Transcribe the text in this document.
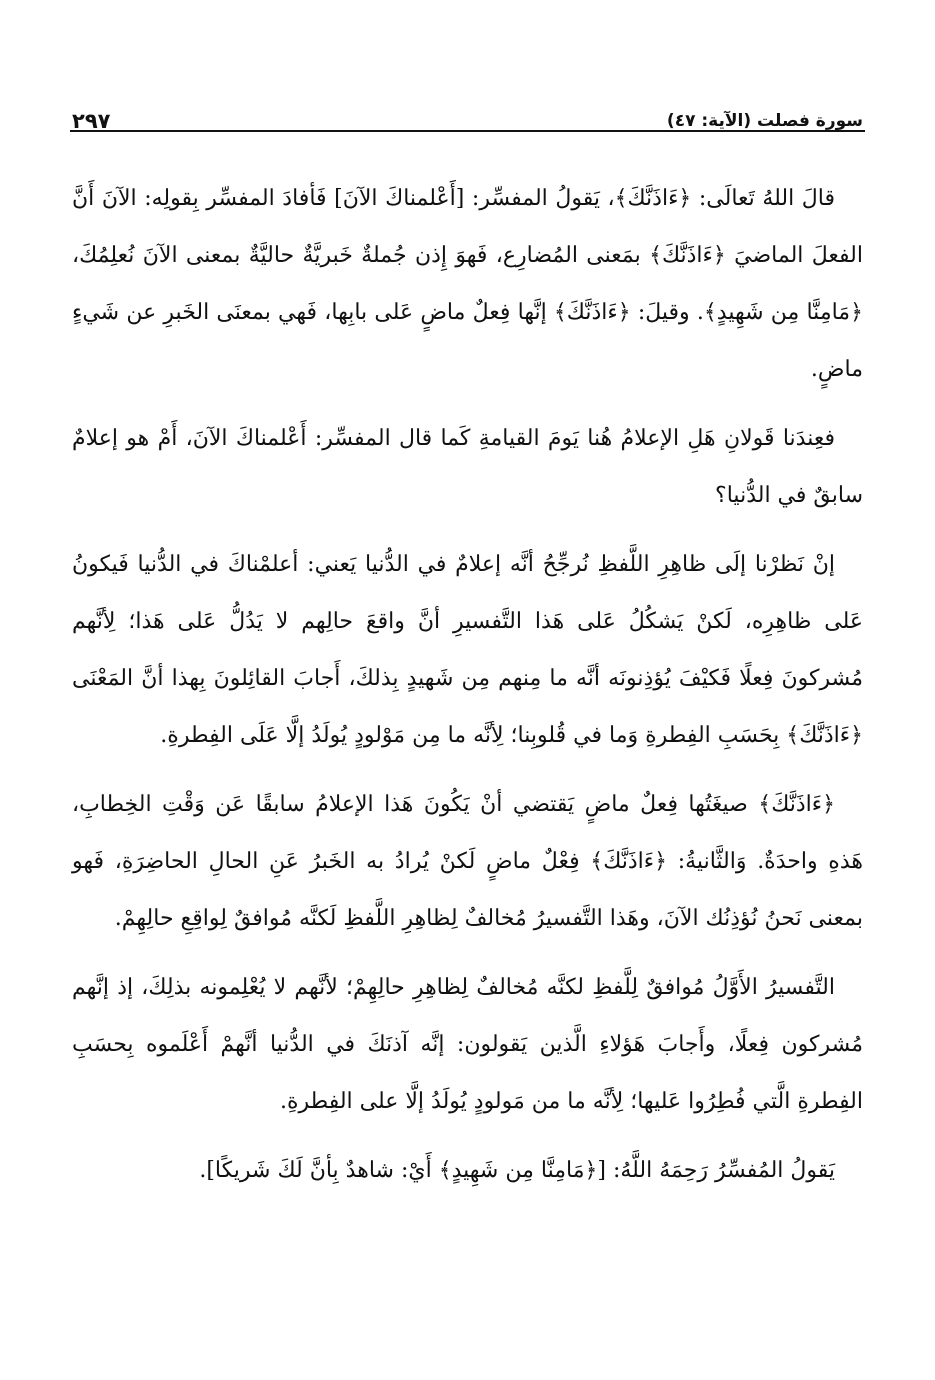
سورة فصلت (الآية: ٤٧)
٢٩٧

قالَ اللهُ تَعالَى: ﴿ءَاذَنَّكَ﴾، يَقولُ المفسِّر: [أَعْلمناكَ الآنَ] فَأفادَ المفسِّر بِقولِه: الآنَ أَنَّ الفعلَ الماضيَ ﴿ءَاذَنَّكَ﴾ بمَعنى المُضارِع، فَهوَ إِذن جُملةٌ خَبريَّةٌ حاليَّةٌ بمعنى الآنَ نُعلِمُكَ، ﴿مَامِنَّا مِن شَهِيدٍ﴾. وقيلَ: ﴿ءَاذَنَّكَ﴾ إنَّها فِعلٌ ماضٍ عَلى بابِها، فَهي بمعنَى الخَبرِ عن شَيءٍ ماضٍ.

فعِندَنا قَولانِ هَلِ الإعلامُ هُنا يَومَ القيامةِ كَما قال المفسِّر: أَعْلمناكَ الآنَ، أَمْ هو إعلامٌ سابقٌ في الدُّنيا؟

إنْ نَظرْنا إلَى ظاهِرِ اللَّفظِ نُرجِّحُ أنَّه إعلامٌ في الدُّنيا يَعني: أعلمْناكَ في الدُّنيا فَيكونُ عَلى ظاهِرِه، لَكنْ يَشكُلُ عَلى هَذا التَّفسيرِ أنَّ واقعَ حالِهم لا يَدُلُّ عَلى هَذا؛ لِأنَّهم مُشركونَ فِعلًا فَكيْفَ يُؤذِنونَه أنَّه ما مِنهم مِن شَهيدٍ بِذلكَ، أَجابَ القائِلونَ بِهذا أنَّ المَعْنَى ﴿ءَاذَنَّكَ﴾ بِحَسَبِ الفِطرةِ وَما في قُلوبِنا؛ لِأنَّه ما مِن مَوْلودٍ يُولَدُ إلَّا عَلَى الفِطرةِ.

﴿ءَاذَنَّكَ﴾ صيغَتُها فِعلٌ ماضٍ يَقتضي أنْ يَكُونَ هَذا الإعلامُ سابقًا عَن وَقْتِ الخِطابِ، هَذهِ واحدَةٌ. وَالثَّانيةُ: ﴿ءَاذَنَّكَ﴾ فِعْلٌ ماضٍ لَكنْ يُرادُ به الخَبرُ عَنِ الحالِ الحاضِرَةِ، فَهو بمعنى نَحنُ نُؤذِنُك الآنَ، وهَذا التَّفسيرُ مُخالفٌ لِظاهِرِ اللَّفظِ لَكنَّه مُوافقٌ لِواقِعِ حالِهِمْ.

التَّفسيرُ الأَوَّلُ مُوافقٌ لِلَّفظِ لكنَّه مُخالفٌ لِظاهِرِ حالِهِمْ؛ لأنَّهم لا يُعْلِمونه بذلِكَ، إذ إنَّهم مُشركون فِعلًا، وأَجابَ هَؤلاءِ الَّذين يَقولون: إنَّه آذنَكَ في الدُّنيا أنَّهمْ أَعْلَموه بِحسَبِ الفِطرةِ الَّتي فُطِرُوا عَليها؛ لِأنَّه ما من مَولودٍ يُولَدُ إلَّا على الفِطرةِ.

يَقولُ المُفسِّرُ رَحِمَهُ اللَّهُ: [﴿مَامِنَّا مِن شَهِيدٍ﴾ أَيْ: شاهدٌ بِأنَّ لَكَ شَريكًا].
